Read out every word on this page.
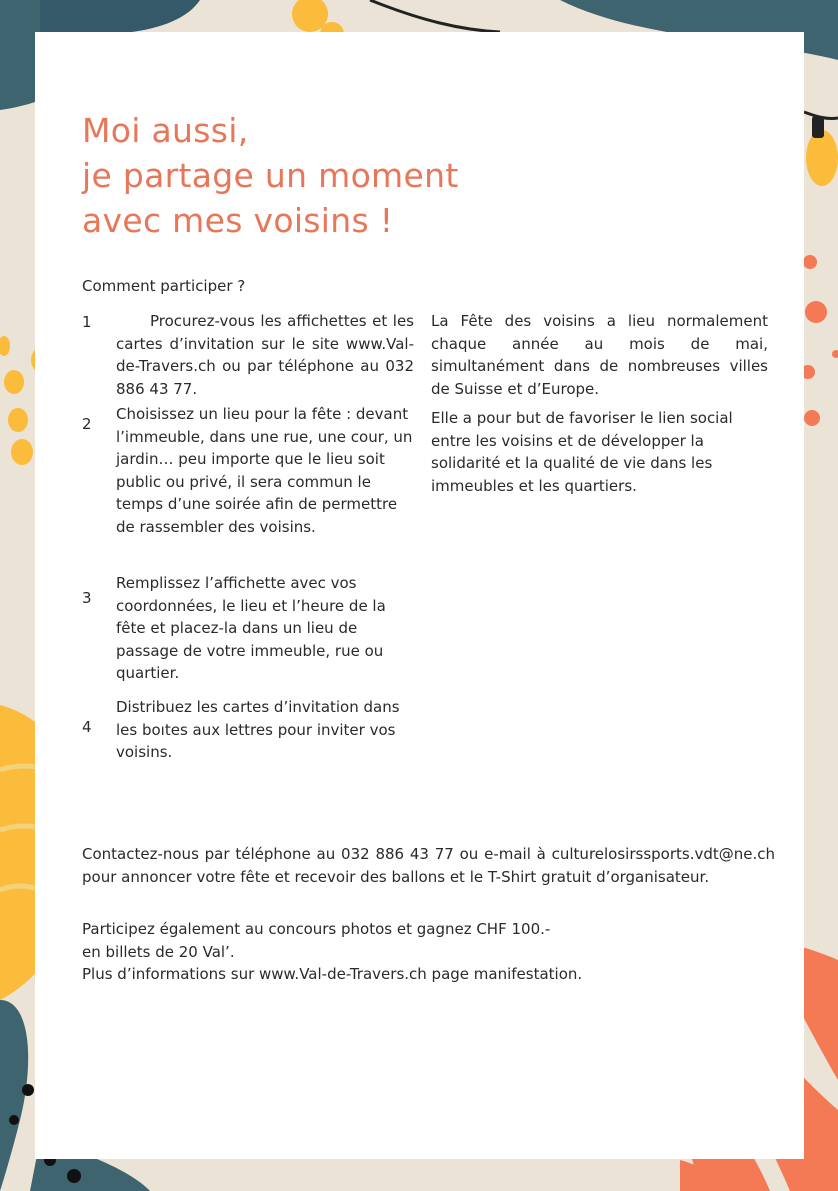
Moi aussi,
je partage un moment
avec mes voisins !
Comment participer ?
1	Procurez-vous les affichettes et les cartes d’invitation sur le site www.Val-de-Travers.ch ou par téléphone au 032 886 43 77.
2
Choisissez un lieu pour la fête : devant l’immeuble, dans une rue, une cour, un jardin… peu importe que le lieu soit public ou privé, il sera commun le temps d’une soirée afin de permettre de rassembler des voisins.
3
Remplissez l’affichette avec vos coordonnées, le lieu et l’heure de la fête et placez-la dans un lieu de passage de votre immeuble, rue ou quartier.
4
Distribuez les cartes d’invitation dans les boıtes aux lettres pour inviter vos voisins.
La Fête des voisins a lieu normalement chaque année au mois de mai, simultanément dans de nombreuses villes de Suisse et d’Europe.
Elle a pour but de favoriser le lien social entre les voisins et de développer la solidarité et la qualité de vie dans les immeubles et les quartiers.
Contactez-nous par téléphone au 032 886 43 77 ou e-mail à culturelosirssports.vdt@ne.ch pour annoncer votre fête et recevoir des ballons et le T-Shirt gratuit d’organisateur.
Participez également au concours photos et gagnez CHF 100.-
en billets de 20 Val’.
Plus d’informations sur www.Val-de-Travers.ch page manifestation.
